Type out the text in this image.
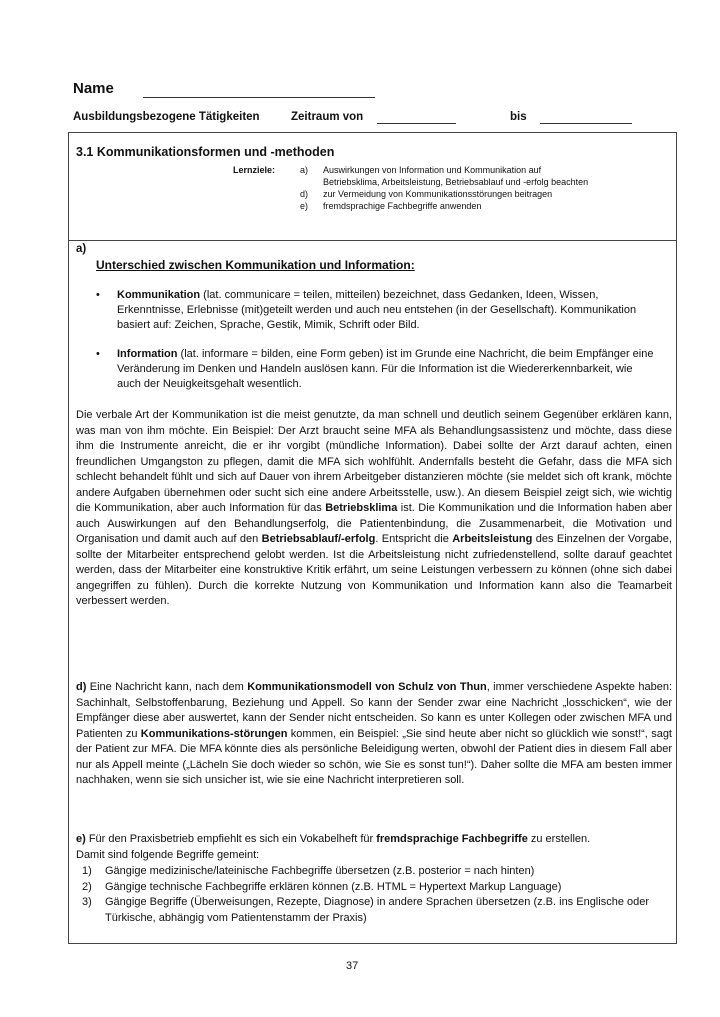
Name
Ausbildungsbezogene Tätigkeiten	Zeitraum von	bis
3.1 Kommunikationsformen und -methoden
Lernziele:	a)	Auswirkungen von Information und Kommunikation auf Betriebsklima, Arbeitsleistung, Betriebsablauf und -erfolg beachten
d)	zur Vermeidung von Kommunikationsstörungen beitragen
e)	fremdsprachige Fachbegriffe anwenden
a)
Unterschied zwischen Kommunikation und Information:
• Kommunikation (lat. communicare = teilen, mitteilen) bezeichnet, dass Gedanken, Ideen, Wissen, Erkenntnisse, Erlebnisse (mit)geteilt werden und auch neu entstehen (in der Gesellschaft). Kommunikation basiert auf: Zeichen, Sprache, Gestik, Mimik, Schrift oder Bild.
• Information (lat. informare = bilden, eine Form geben) ist im Grunde eine Nachricht, die beim Empfänger eine Veränderung im Denken und Handeln auslösen kann. Für die Information ist die Wiedererkennbarkeit, wie auch der Neuigkeitsgehalt wesentlich.
Die verbale Art der Kommunikation ist die meist genutzte, da man schnell und deutlich seinem Gegenüber erklären kann, was man von ihm möchte. Ein Beispiel: Der Arzt braucht seine MFA als Behandlungsassistenz und möchte, dass diese ihm die Instrumente anreicht, die er ihr vorgibt (mündliche Information). Dabei sollte der Arzt darauf achten, einen freundlichen Umgangston zu pflegen, damit die MFA sich wohlfühlt. Andernfalls besteht die Gefahr, dass die MFA sich schlecht behandelt fühlt und sich auf Dauer von ihrem Arbeitgeber distanzieren möchte (sie meldet sich oft krank, möchte andere Aufgaben übernehmen oder sucht sich eine andere Arbeitsstelle, usw.). An diesem Beispiel zeigt sich, wie wichtig die Kommunikation, aber auch Information für das Betriebsklima ist. Die Kommunikation und die Information haben aber auch Auswirkungen auf den Behandlungserfolg, die Patientenbindung, die Zusammenarbeit, die Motivation und Organisation und damit auch auf den Betriebsablauf/-erfolg. Entspricht die Arbeitsleistung des Einzelnen der Vorgabe, sollte der Mitarbeiter entsprechend gelobt werden. Ist die Arbeitsleistung nicht zufriedenstellend, sollte darauf geachtet werden, dass der Mitarbeiter eine konstruktive Kritik erfährt, um seine Leistungen verbessern zu können (ohne sich dabei angegriffen zu fühlen). Durch die korrekte Nutzung von Kommunikation und Information kann also die Teamarbeit verbessert werden.
d) Eine Nachricht kann, nach dem Kommunikationsmodell von Schulz von Thun, immer verschiedene Aspekte haben: Sachinhalt, Selbstoffenbarung, Beziehung und Appell. So kann der Sender zwar eine Nachricht „losschicken“, wie der Empfänger diese aber auswertet, kann der Sender nicht entscheiden. So kann es unter Kollegen oder zwischen MFA und Patienten zu Kommunikations-störungen kommen, ein Beispiel: „Sie sind heute aber nicht so glücklich wie sonst!“, sagt der Patient zur MFA. Die MFA könnte dies als persönliche Beleidigung werten, obwohl der Patient dies in diesem Fall aber nur als Appell meinte („Lächeln Sie doch wieder so schön, wie Sie es sonst tun!“). Daher sollte die MFA am besten immer nachhaken, wenn sie sich unsicher ist, wie sie eine Nachricht interpretieren soll.
e) Für den Praxisbetrieb empfiehlt es sich ein Vokabelheft für fremdsprachige Fachbegriffe zu erstellen.
Damit sind folgende Begriffe gemeint:
1)	Gängige medizinische/lateinische Fachbegriffe übersetzen (z.B. posterior = nach hinten)
2)	Gängige technische Fachbegriffe erklären können (z.B. HTML = Hypertext Markup Language)
3)	Gängige Begriffe (Überweisungen, Rezepte, Diagnose) in andere Sprachen übersetzen (z.B. ins Englische oder Türkische, abhängig vom Patientenstamm der Praxis)
37
